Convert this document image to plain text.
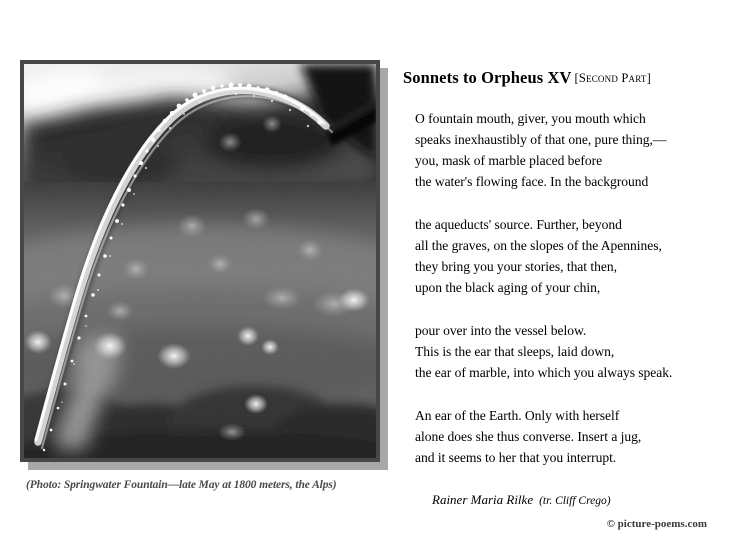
(Photo: Springwater Fountain—late May at 1800 meters, the Alps)
Sonnets to Orpheus XV [Second Part]
O fountain mouth, giver, you mouth which
speaks inexhaustibly of that one, pure thing,—
you, mask of marble placed before
the water's flowing face. In the background
the aqueducts' source. Further, beyond
all the graves, on the slopes of the Apennines,
they bring you your stories, that then,
upon the black aging of your chin,
pour over into the vessel below.
This is the ear that sleeps, laid down,
the ear of marble, into which you always speak.
An ear of the Earth. Only with herself
alone does she thus converse. Insert a jug,
and it seems to her that you interrupt.
Rainer Maria Rilke (tr. Cliff Crego)
© picture-poems.com
